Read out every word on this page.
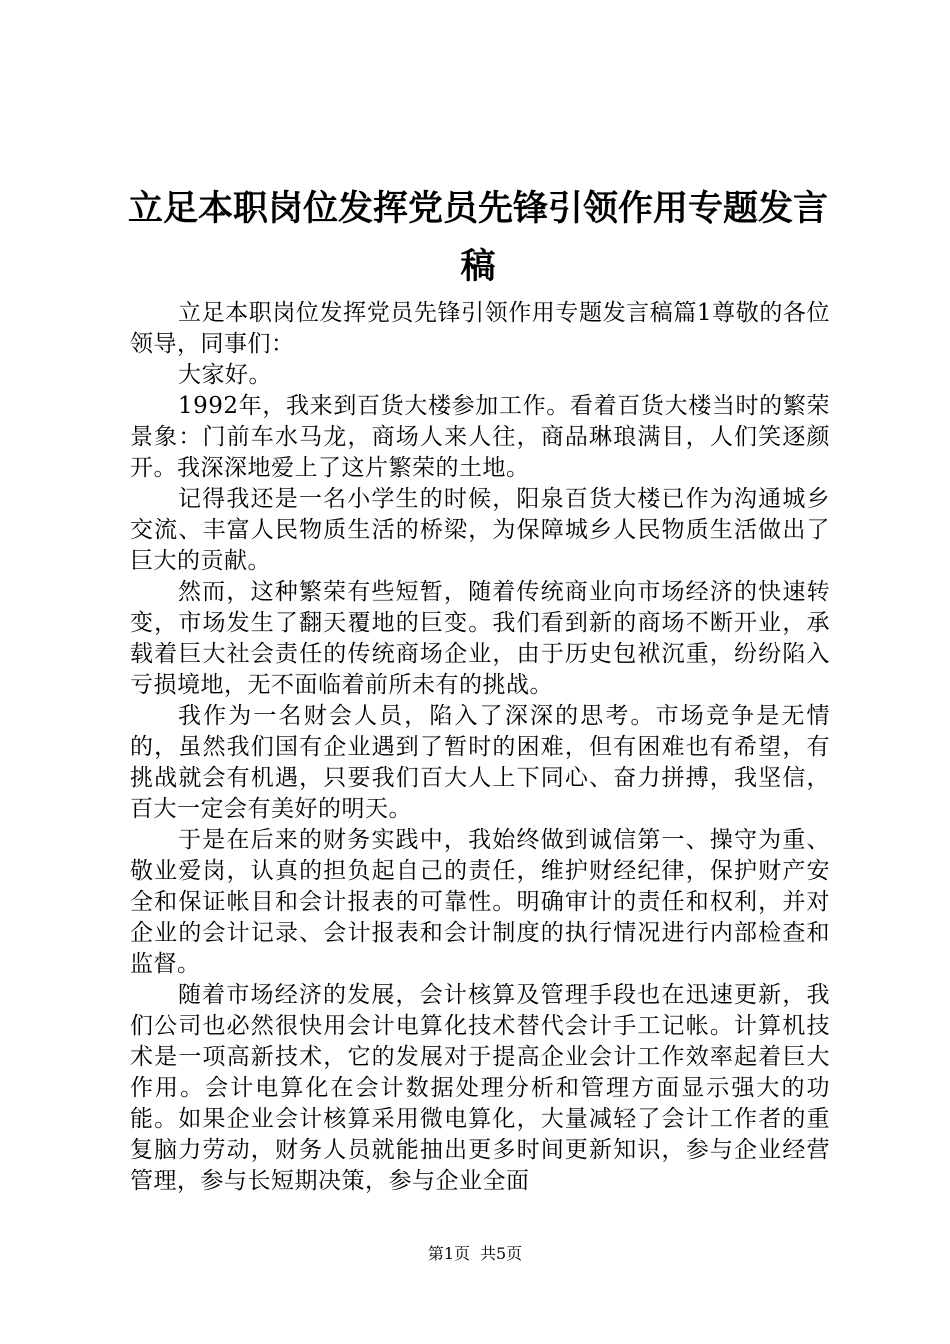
立足本职岗位发挥党员先锋引领作用专题发言稿

立足本职岗位发挥党员先锋引领作用专题发言稿篇1尊敬的各位领导，同事们：

大家好。

1992年，我来到百货大楼参加工作。看着百货大楼当时的繁荣景象：门前车水马龙，商场人来人往，商品琳琅满目，人们笑逐颜开。我深深地爱上了这片繁荣的土地。

记得我还是一名小学生的时候，阳泉百货大楼已作为沟通城乡交流、丰富人民物质生活的桥梁，为保障城乡人民物质生活做出了巨大的贡献。

然而，这种繁荣有些短暂，随着传统商业向市场经济的快速转变，市场发生了翻天覆地的巨变。我们看到新的商场不断开业，承载着巨大社会责任的传统商场企业，由于历史包袱沉重，纷纷陷入亏损境地，无不面临着前所未有的挑战。

我作为一名财会人员，陷入了深深的思考。市场竞争是无情的，虽然我们国有企业遇到了暂时的困难，但有困难也有希望，有挑战就会有机遇，只要我们百大人上下同心、奋力拼搏，我坚信，百大一定会有美好的明天。

于是在后来的财务实践中，我始终做到诚信第一、操守为重、敬业爱岗，认真的担负起自己的责任，维护财经纪律，保护财产安全和保证帐目和会计报表的可靠性。明确审计的责任和权利，并对企业的会计记录、会计报表和会计制度的执行情况进行内部检查和监督。

随着市场经济的发展，会计核算及管理手段也在迅速更新，我们公司也必然很快用会计电算化技术替代会计手工记帐。计算机技术是一项高新技术，它的发展对于提高企业会计工作效率起着巨大作用。会计电算化在会计数据处理分析和管理方面显示强大的功能。如果企业会计核算采用微电算化，大量减轻了会计工作者的重复脑力劳动，财务人员就能抽出更多时间更新知识，参与企业经营管理，参与长短期决策，参与企业全面

第1页 共5页
